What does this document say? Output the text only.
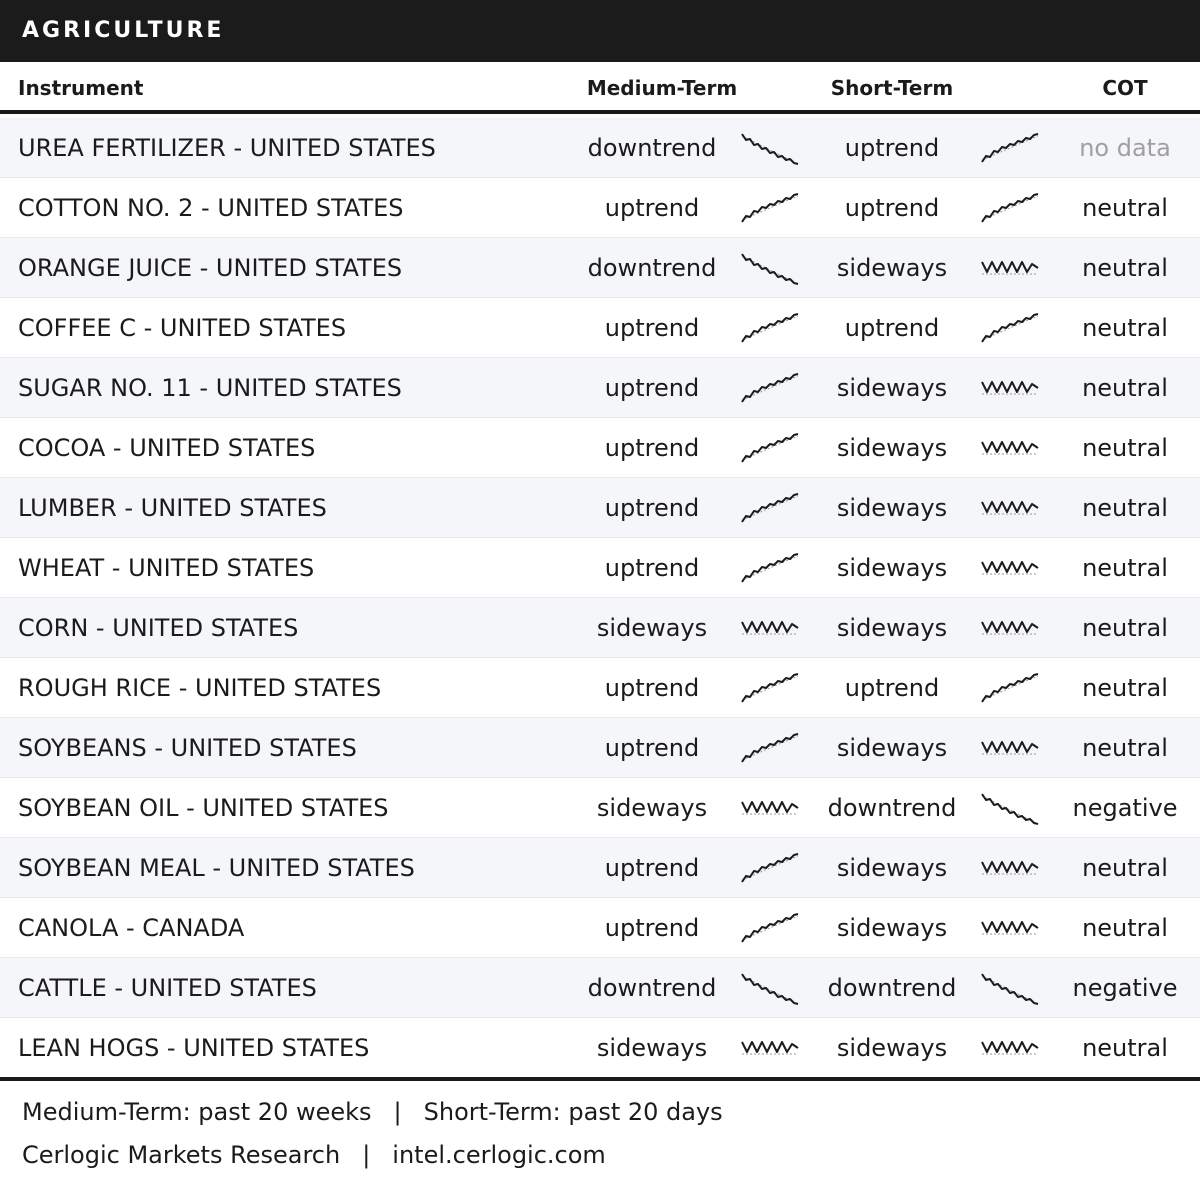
AGRICULTURE
Instrument	Medium-Term	Short-Term	COT
UREA FERTILIZER - UNITED STATES	downtrend	uptrend	no data
COTTON NO. 2 - UNITED STATES	uptrend	uptrend	neutral
ORANGE JUICE - UNITED STATES	downtrend	sideways	neutral
COFFEE C - UNITED STATES	uptrend	uptrend	neutral
SUGAR NO. 11 - UNITED STATES	uptrend	sideways	neutral
COCOA - UNITED STATES	uptrend	sideways	neutral
LUMBER - UNITED STATES	uptrend	sideways	neutral
WHEAT - UNITED STATES	uptrend	sideways	neutral
CORN - UNITED STATES	sideways	sideways	neutral
ROUGH RICE - UNITED STATES	uptrend	uptrend	neutral
SOYBEANS - UNITED STATES	uptrend	sideways	neutral
SOYBEAN OIL - UNITED STATES	sideways	downtrend	negative
SOYBEAN MEAL - UNITED STATES	uptrend	sideways	neutral
CANOLA - CANADA	uptrend	sideways	neutral
CATTLE - UNITED STATES	downtrend	downtrend	negative
LEAN HOGS - UNITED STATES	sideways	sideways	neutral
Medium-Term: past 20 weeks | Short-Term: past 20 days
Cerlogic Markets Research | intel.cerlogic.com
